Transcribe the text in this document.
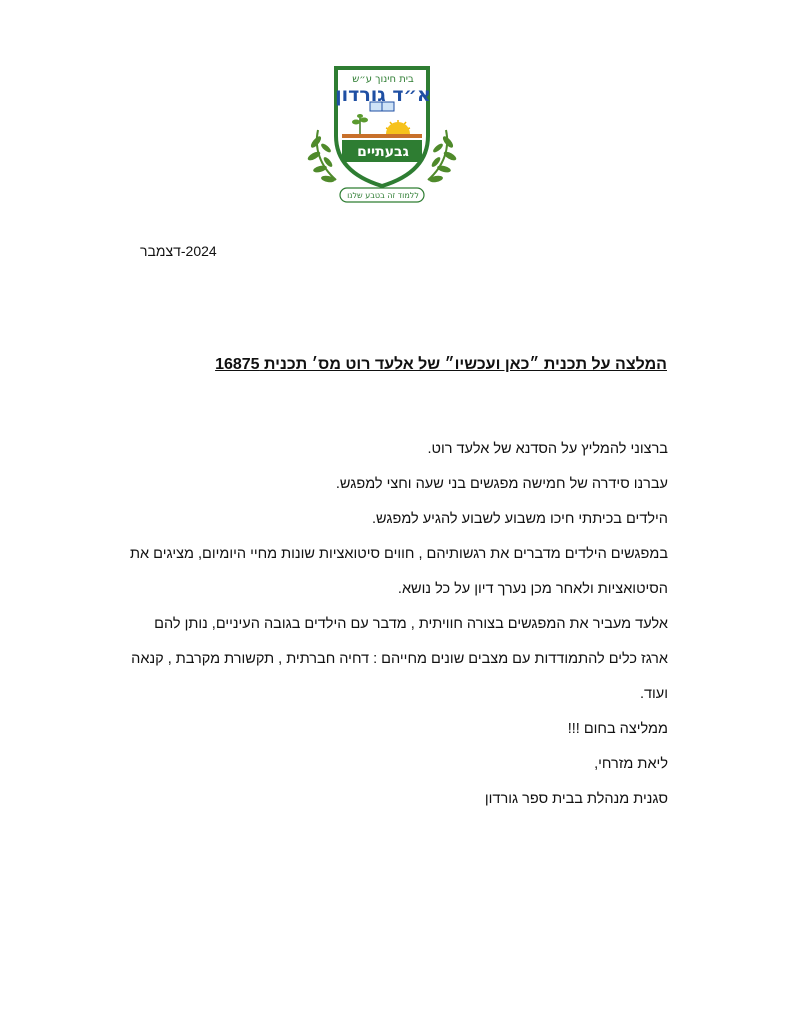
בית חינוך ע״ש
א״ד גורדון
גבעתיים
ללמוד זה בטבע שלנו
2024-דצמבר
המלצה על תכנית ״כאן ועכשיו״ של אלעד רוט מס׳ תכנית 16875

ברצוני להמליץ על הסדנא של אלעד רוט.

עברנו סידרה של חמישה מפגשים בני שעה וחצי למפגש.

הילדים בכיתתי חיכו משבוע לשבוע להגיע למפגש.

במפגשים הילדים מדברים את רגשותיהם , חווים סיטואציות שונות מחיי היומיום, מציגים את הסיטואציות ולאחר מכן נערך דיון על כל נושא.

אלעד מעביר את המפגשים בצורה חוויתית , מדבר עם הילדים בגובה העיניים, נותן להם ארגז כלים להתמודדות עם מצבים שונים מחייהם : דחיה חברתית , תקשורת מקרבת , קנאה ועוד.

ממליצה בחום !!!

ליאת מזרחי,

סגנית מנהלת בבית ספר גורדון
